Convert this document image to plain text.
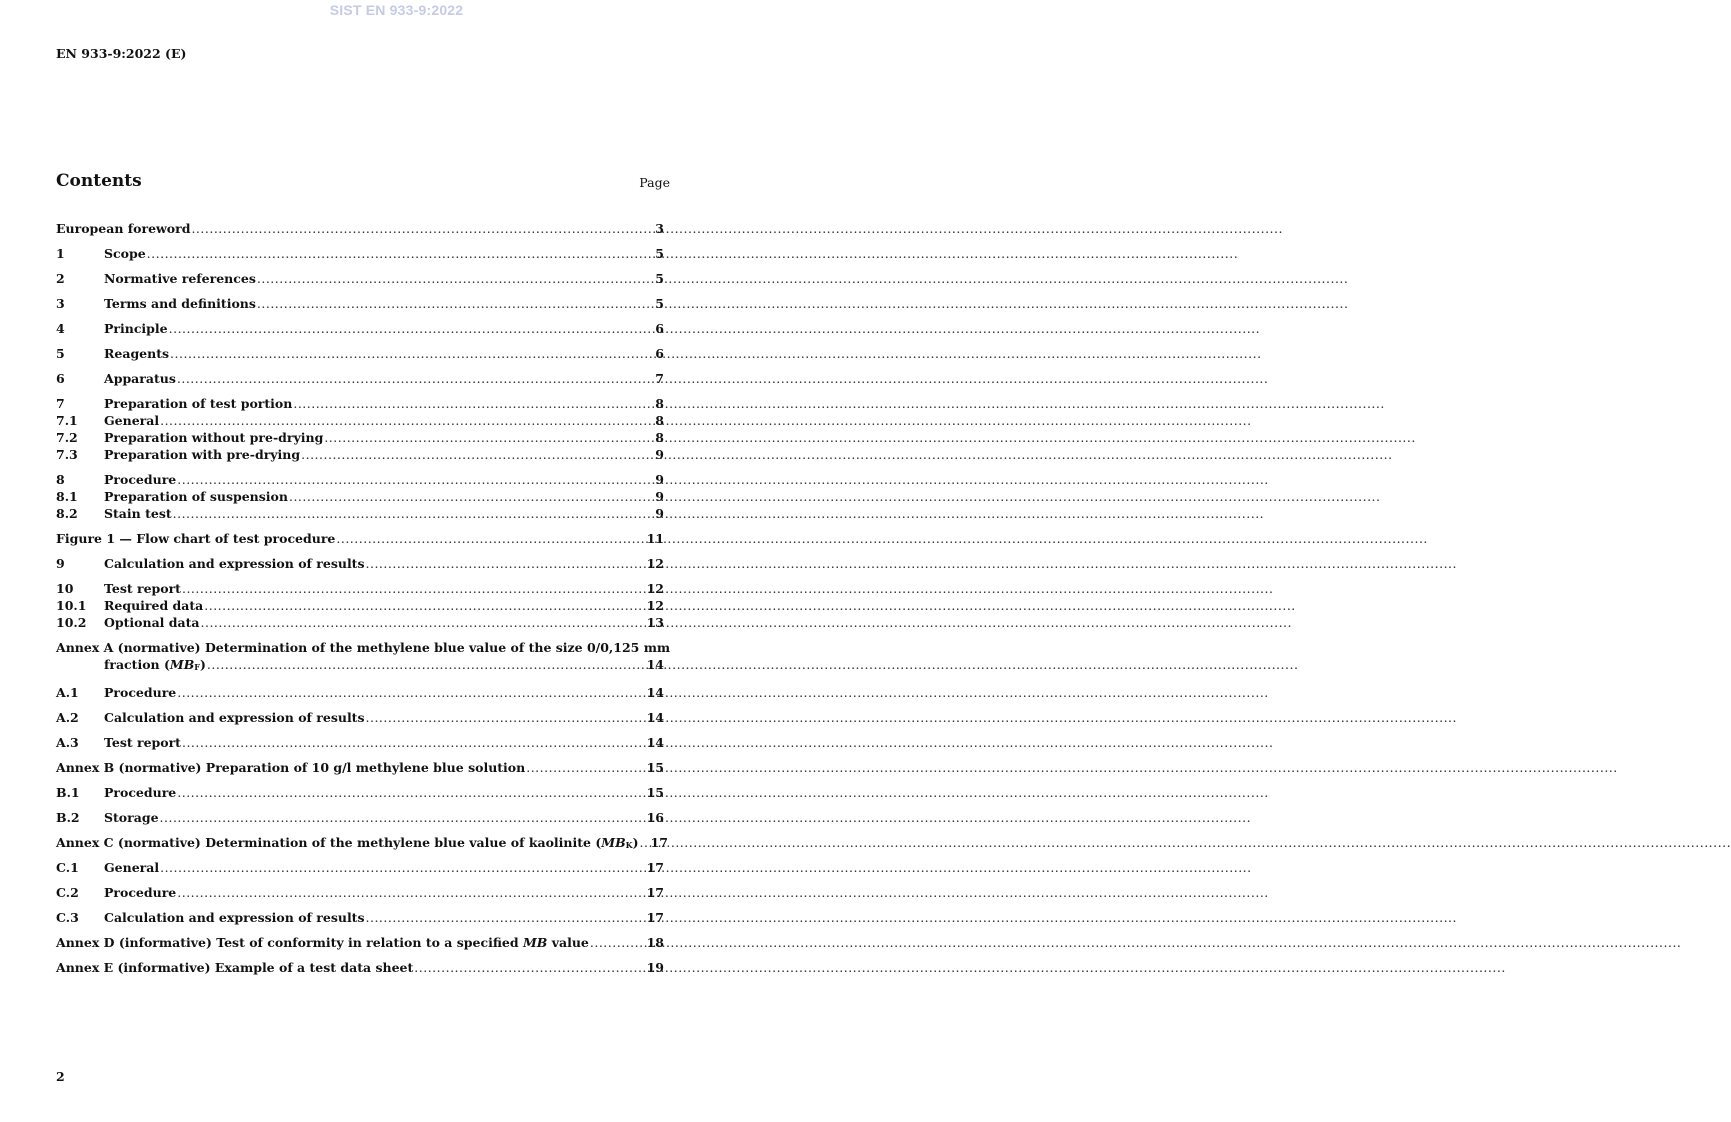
SIST EN 933-9:2022
EN 933-9:2022 (E)
Contents	Page
European foreword .....	3
1	Scope .....	5
2	Normative references .....	5
3	Terms and definitions .....	5
4	Principle .....	6
5	Reagents .....	6
6	Apparatus .....	7
7	Preparation of test portion .....	8
7.1	General .....	8
7.2	Preparation without pre-drying .....	8
7.3	Preparation with pre-drying .....	9
8	Procedure .....	9
8.1	Preparation of suspension .....	9
8.2	Stain test .....	9
Figure 1 — Flow chart of test procedure .....	11
9	Calculation and expression of results .....	12
10	Test report .....	12
10.1	Required data .....	12
10.2	Optional data .....	13
Annex A (normative) Determination of the methylene blue value of the size 0/0,125 mm
fraction (MBF) .....	14
A.1	Procedure .....	14
A.2	Calculation and expression of results .....	14
A.3	Test report .....	14
Annex B (normative) Preparation of 10 g/l methylene blue solution .....	15
B.1	Procedure .....	15
B.2	Storage .....	16
Annex C (normative) Determination of the methylene blue value of kaolinite (MBK) ..... 17
C.1	General .....	17
C.2	Procedure .....	17
C.3	Calculation and expression of results .....	17
Annex D (informative) Test of conformity in relation to a specified MB value .....	18
Annex E (informative) Example of a test data sheet .....	19
2
